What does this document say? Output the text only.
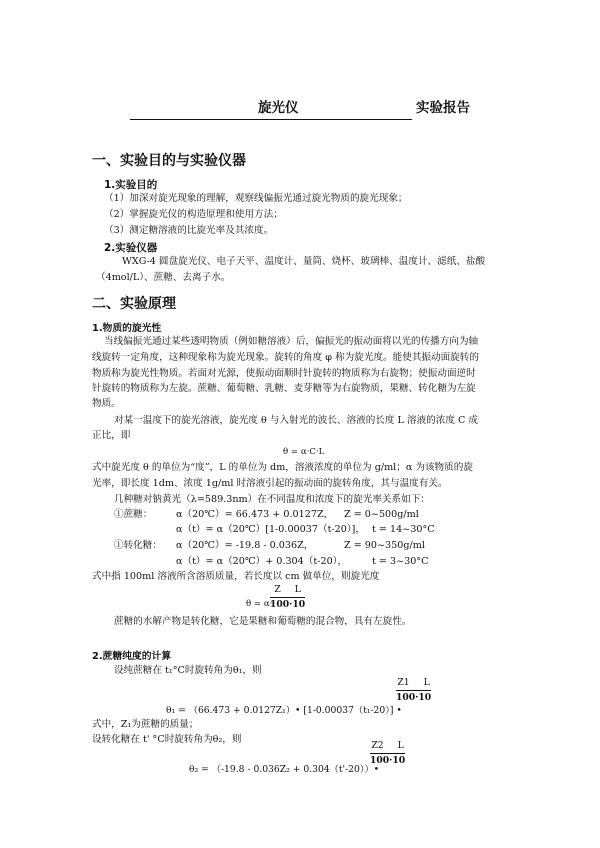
旋光仪	实验报告
一、实验目的与实验仪器
1.实验目的
（1）加深对旋光现象的理解，观察线偏振光通过旋光物质的旋光现象；
（2）掌握旋光仪的构造原理和使用方法；
（3）测定糖溶液的比旋光率及其浓度。
2.实验仪器
WXG-4 圆盘旋光仪、电子天平、温度计、量筒、烧杯、玻璃棒、温度计、滤纸、盐酸
（4mol/L）、蔗糖、去离子水。
二、实验原理
1.物质的旋光性
当线偏振光通过某些透明物质（例如糖溶液）后，偏振光的振动面将以光的传播方向为轴
线旋转一定角度，这种现象称为旋光现象。旋转的角度 φ 称为旋光度。能使其振动面旋转的
物质称为旋光性物质。若面对光源，使振动面顺时针旋转的物质称为右旋物；使振动面逆时
针旋转的物质称为左旋。蔗糖、葡萄糖、乳糖、麦芽糖等为右旋物质，果糖、转化糖为左旋
物质。
对某一温度下的旋光溶液，旋光度 θ 与入射光的波长、溶液的长度 L 溶液的浓度 C 成
正比，即
θ = α·C·L
式中旋光度 θ 的单位为“度”，L 的单位为 dm，溶液浓度的单位为 g/ml；α 为该物质的旋
光率，即长度 1dm、浓度 1g/ml 时溶液引起的振动面的旋转角度，其与温度有关。
几种糖对钠黄光（λ=589.3nm）在不同温度和浓度下的旋光率关系如下：
①蔗糖： α（20℃）= 66.473 + 0.0127Z， Z = 0~500g/ml
α（t）= α（20℃）[1-0.00037（t-20）]， t = 14~30°C
①转化糖： α（20℃）= -19.8 - 0.036Z，	Z = 90~350g/ml
α（t）= α（20℃）+ 0.304（t-20），	t = 3~30°C
式中指 100ml 溶液所含溶质质量，若长度以 cm 做单位，则旋光度
θ = α·
Z L
100·10
蔗糖的水解产物是转化糖，它是果糖和葡萄糖的混合物，具有左旋性。
2.蔗糖纯度的计算
设纯蔗糖在 t₁°C时旋转角为θ₁，则
θ₁ = （66.473 + 0.0127Z₁）• [1-0.00037（t₁-20）] •
Z1 L
100·10
式中，Z₁为蔗糖的质量；
设转化糖在 t' °C时旋转角为θ₂，则
θ₂ = （-19.8 - 0.036Z₂ + 0.304（t'-20））•
Z2 L
100·10
